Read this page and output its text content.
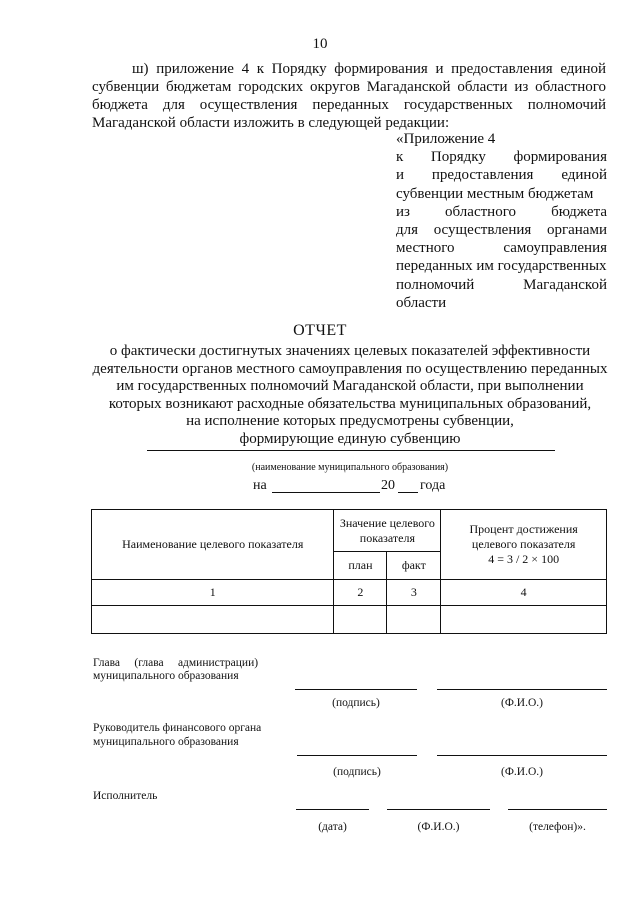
10
ш) приложение 4 к Порядку формирования и предоставления единой
субвенции бюджетам городских округов Магаданской области из областного
бюджета для осуществления переданных государственных полномочий
Магаданской области изложить в следующей редакции:
«Приложение 4
к Порядку формирования
и предоставления единой
субвенции местным бюджетам
из областного бюджета
для осуществления органами
местного	самоуправления
переданных им государственных
полномочий	Магаданской
области
ОТЧЕТ
о фактически достигнутых значениях целевых показателей эффективности
деятельности органов местного самоуправления по осуществлению переданных
им государственных полномочий Магаданской области, при выполнении
которых возникают расходные обязательства муниципальных образований,
на исполнение которых предусмотрены субвенции,
формирующие единую субвенцию
(наименование муниципального образования)
на	20 года
Наименование целевого показателя	Значение целевого показателя		Процент достижения
целевого показателя
4 = 3 / 2 × 100

	план	факт	
1	2	3	4

Глава     (глава     администрации)
муниципального образования
(подпись)	(Ф.И.О.)
Руководитель финансового органа
муниципального образования
(подпись)	(Ф.И.О.)
Исполнитель
(дата)	(Ф.И.О.)	(телефон)».
